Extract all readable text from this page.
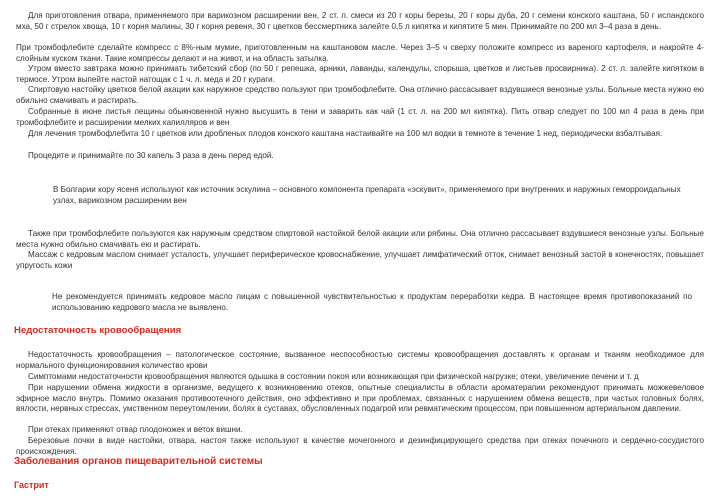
Для приготовления отвара, применяемого при варикозном расширении вен, 2 ст. л. смеси из 20 г коры березы, 20 г коры дуба, 20 г семени конского каштана, 50 г исландского мха, 50 г стрелок хвоща, 10 г корня малины, 30 г корня ревеня, 30 г цветков бессмертника залейте 0,5 л кипятка и кипятите 5 мин. Принимайте по 200 мл 3–4 раза в день.

При тромбофлебите сделайте компресс с 8%-ным мумие, приготовленным на каштановом масле. Через 3–5 ч сверху положите компресс из вареного картофеля, и накройте 4-слойным куском ткани. Такие компрессы делают и на живот, и на область затылка.

Утром вместо завтрака можно принимать тибетский сбор (по 50 г репешка, арники, лаванды, календулы, спорыша, цветков и листьев просвирника). 2 ст. л. залейте кипятком в термосе. Утром выпейте настой натощак с 1 ч. л. меда и 20 г кураги.

Спиртовую настойку цветков белой акации как наружное средство пользуют при тромбофлебите. Она отлично рассасывает вздувшиеся венозные узлы. Больные места нужно ею обильно смачивать и растирать.

Собранные в июне листья лещины обыкновенной нужно высушить в тени и заварить как чай (1 ст. л. на 200 мл кипятка). Пить отвар следует по 100 мл 4 раза в день при тромбофлебите и расширении мелких капилляров и вен

Для лечения тромбофлебита 10 г цветков или дробленых плодов конского каштана настаивайте на 100 мл водки в темноте в течение 1 нед, периодически взбалтывая.

Процедите и принимайте по 30 капель 3 раза в день перед едой.

В Болгарии кору ясеня используют как источник эскулина – основного компонента препарата «эскувит», применяемого при внутренних и наружных геморроидальных узлах, варикозном расширении вен

Также при тромбофлебите пользуются как наружным средством спиртовой настойкой белой акации или рябины. Она отлично рассасывает вздувшиеся венозные узлы. Больные места нужно обильно смачивать ею и растирать.

Массаж с кедровым маслом снимает усталость, улучшает периферическое кровоснабжение, улучшает лимфатический отток, снимает венозный застой в конечностях, повышает упругость кожи

Не рекомендуется принимать кедровое масло лицам с повышенной чувствительностью к продуктам переработки кедра. В настоящее время противопоказаний по использованию кедрового масла не выявлено.

Недостаточность кровообращения

Недостаточность кровообращения – патологическое состояние, вызванное неспособностью системы кровообращения доставлять к органам и тканям необходимое для нормального функционирования количество крови

Симптомами недостаточности кровообращения являются одышка в состоянии покоя или возникающая при физической нагрузке; отеки, увеличение печени и т. д

При нарушении обмена жидкости в организме, ведущего к возникновению отеков, опытные специалисты в области ароматерапии рекомендуют принимать можжевеловое эфирное масло внутрь. Помимо оказания противоотечного действия, оно эффективно и при проблемах, связанных с нарушением обмена веществ, при частых головных болях, вялости, нервных стрессах, умственном переутомлении, болях в суставах, обусловленных подагрой или ревматическим процессом, при повышенном артериальном давлении.

При отеках применяют отвар плодоножек и веток вишни.

Березовые почки в виде настойки, отвара, настоя также используют в качестве мочегонного и дезинфицирующего средства при отеках почечного и сердечно-сосудистого происхождения.

Заболевания органов пищеварительной системы
Гастрит
